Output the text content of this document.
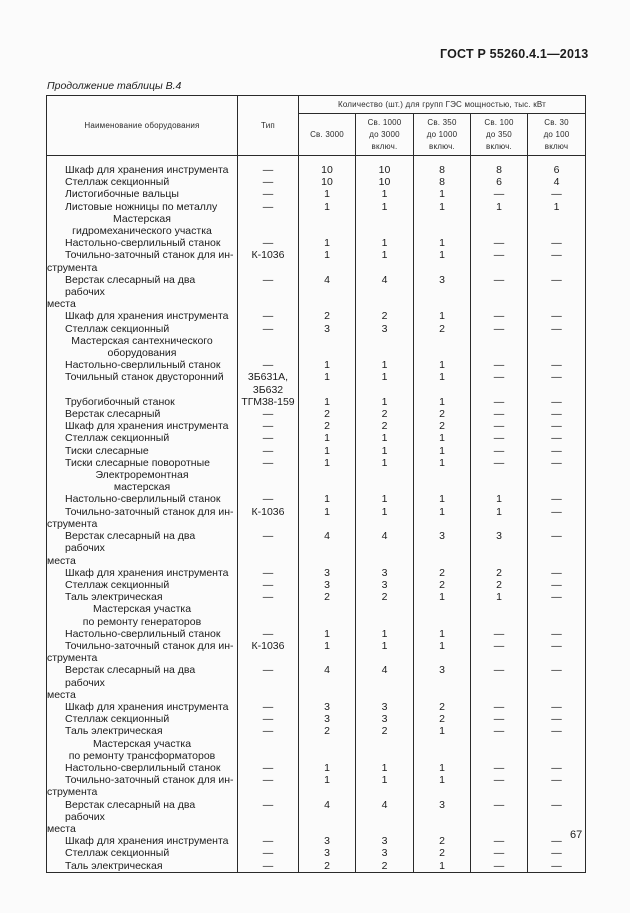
ГОСТ Р 55260.4.1—2013
Продолжение таблицы В.4
Наименование оборудования	Тип	Количество (шт.) для групп ГЭС мощностью, тыс. кВт				

		Св. 3000	Св. 1000
до 3000
включ.	Св. 350
до 1000
включ.	Св. 100
до 350
включ.	Св. 30
до 100
включ

Шкаф для хранения инструмента	—	10	10	8	8	6

Стеллаж секционный	—	10	10	8	6	4

Листогибочные вальцы	—	1	1	1	—	—

Листовые ножницы по металлу	—	1	1	1	1	1

Мастерская
гидромеханического участка						

Настольно-сверлильный станок	—	1	1	1	—	—

Точильно-заточный станок для ин-
струмента	К-1036	1	1	1	—	—

Верстак слесарный на два рабочих
места	—	4	4	3	—	—

Шкаф для хранения инструмента	—	2	2	1	—	—

Стеллаж секционный	—	3	3	2	—	—

Мастерская сантехнического
оборудования						

Настольно-сверлильный станок	—	1	1	1	—	—

Точильный станок двусторонний	3Б631А,
3Б632	1	1	1	—	—

Трубогибочный станок	ТГМ38-159	1	1	1	—	—

Верстак слесарный	—	2	2	2	—	—

Шкаф для хранения инструмента	—	2	2	2	—	—

Стеллаж секционный	—	1	1	1	—	—

Тиски слесарные	—	1	1	1	—	—

Тиски слесарные поворотные	—	1	1	1	—	—

Электроремонтная
мастерская						

Настольно-сверлильный станок	—	1	1	1	1	—

Точильно-заточный станок для ин-
струмента	К-1036	1	1	1	1	—

Верстак слесарный на два рабочих
места	—	4	4	3	3	—

Шкаф для хранения инструмента	—	3	3	2	2	—

Стеллаж секционный	—	3	3	2	2	—

Таль электрическая	—	2	2	1	1	—

Мастерская участка
по ремонту генераторов						

Настольно-сверлильный станок	—	1	1	1	—	—

Точильно-заточный станок для ин-
струмента	К-1036	1	1	1	—	—

Верстак слесарный на два рабочих
места	—	4	4	3	—	—

Шкаф для хранения инструмента	—	3	3	2	—	—

Стеллаж секционный	—	3	3	2	—	—

Таль электрическая	—	2	2	1	—	—

Мастерская участка
по ремонту трансформаторов						

Настольно-сверлильный станок	—	1	1	1	—	—

Точильно-заточный станок для ин-
струмента	—	1	1	1	—	—

Верстак слесарный на два рабочих
места	—	4	4	3	—	—

Шкаф для хранения инструмента	—	3	3	2	—	—

Стеллаж секционный	—	3	3	2	—	—

Таль электрическая	—	2	2	1	—	—
67
